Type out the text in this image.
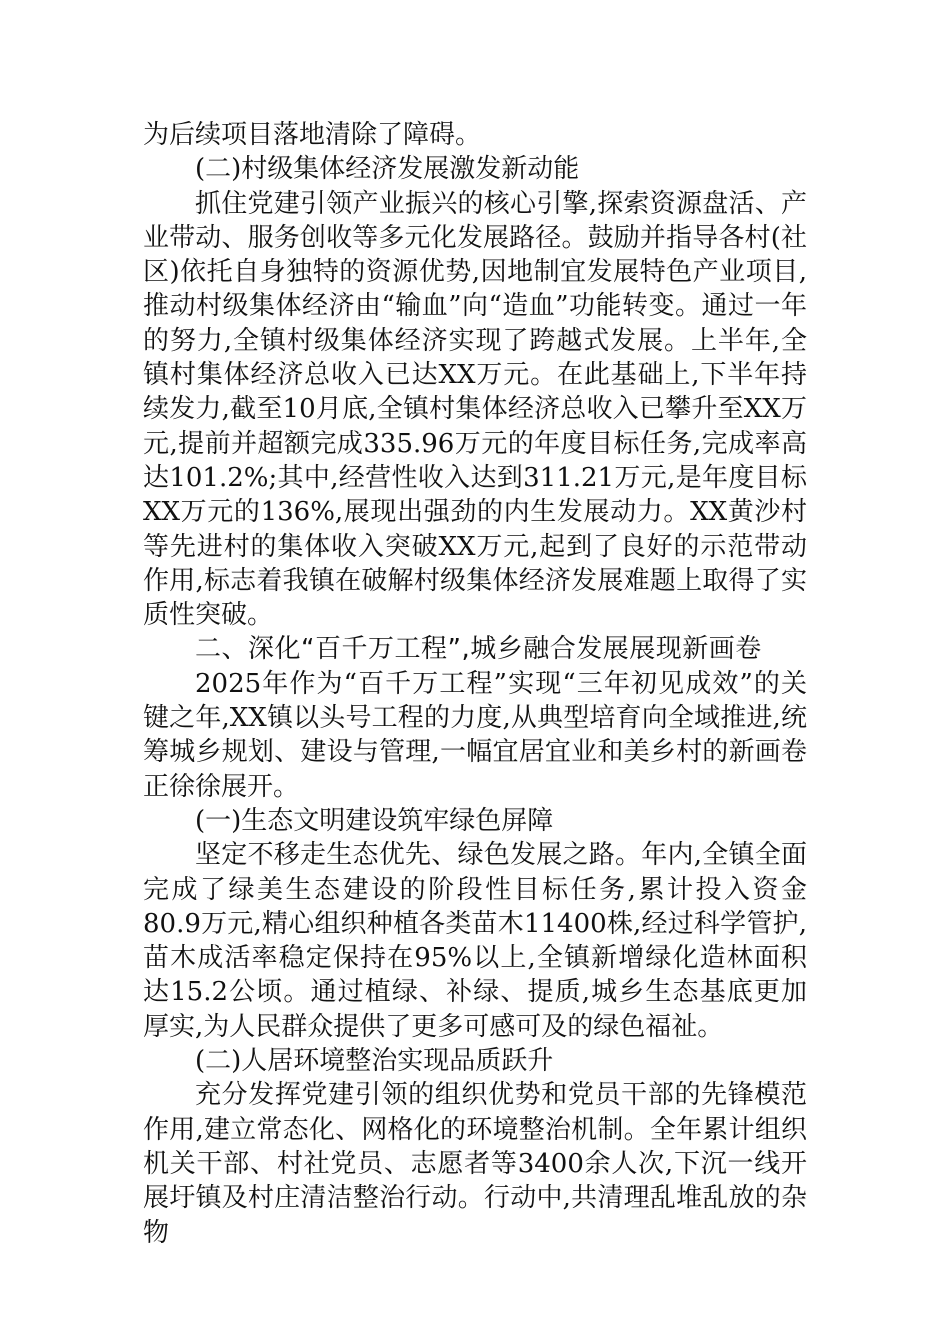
为后续项目落地清除了障碍。

(二)村级集体经济发展激发新动能

抓住党建引领产业振兴的核心引擎,探索资源盘活、产业带动、服务创收等多元化发展路径。鼓励并指导各村(社区)依托自身独特的资源优势,因地制宜发展特色产业项目,推动村级集体经济由“输血”向“造血”功能转变。通过一年的努力,全镇村级集体经济实现了跨越式发展。上半年,全镇村集体经济总收入已达XX万元。在此基础上,下半年持续发力,截至10月底,全镇村集体经济总收入已攀升至XX万元,提前并超额完成335.96万元的年度目标任务,完成率高达101.2%;其中,经营性收入达到311.21万元,是年度目标XX万元的136%,展现出强劲的内生发展动力。XX黄沙村等先进村的集体收入突破XX万元,起到了良好的示范带动作用,标志着我镇在破解村级集体经济发展难题上取得了实质性突破。

二、深化“百千万工程”,城乡融合发展展现新画卷

2025年作为“百千万工程”实现“三年初见成效”的关键之年,XX镇以头号工程的力度,从典型培育向全域推进,统筹城乡规划、建设与管理,一幅宜居宜业和美乡村的新画卷正徐徐展开。

(一)生态文明建设筑牢绿色屏障

坚定不移走生态优先、绿色发展之路。年内,全镇全面完成了绿美生态建设的阶段性目标任务,累计投入资金80.9万元,精心组织种植各类苗木11400株,经过科学管护,苗木成活率稳定保持在95%以上,全镇新增绿化造林面积达15.2公顷。通过植绿、补绿、提质,城乡生态基底更加厚实,为人民群众提供了更多可感可及的绿色福祉。

(二)人居环境整治实现品质跃升

充分发挥党建引领的组织优势和党员干部的先锋模范作用,建立常态化、网格化的环境整治机制。全年累计组织机关干部、村社党员、志愿者等3400余人次,下沉一线开展圩镇及村庄清洁整治行动。行动中,共清理乱堆乱放的杂物
